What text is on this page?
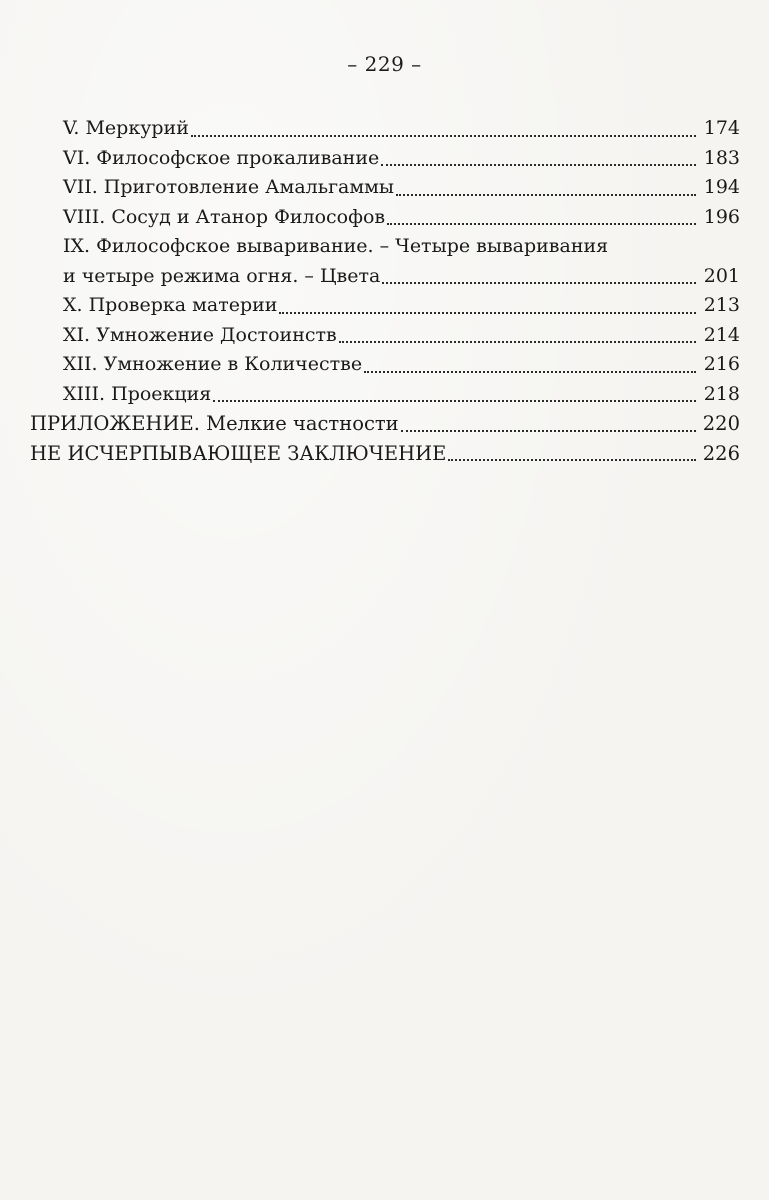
– 229 –
V. Меркурий	174
VI. Философское прокаливание	183
VII. Приготовление Амальгаммы	194
VIII. Сосуд и Атанор Философов	196
IX. Философское вываривание. – Четыре вываривания
и четыре режима огня. – Цвета	201
X. Проверка материи	213
XI. Умножение Достоинств	214
XII. Умножение в Количестве	216
XIII. Проекция	218
ПРИЛОЖЕНИЕ. Мелкие частности	220
НЕ ИСЧЕРПЫВАЮЩЕЕ ЗАКЛЮЧЕНИЕ	226
